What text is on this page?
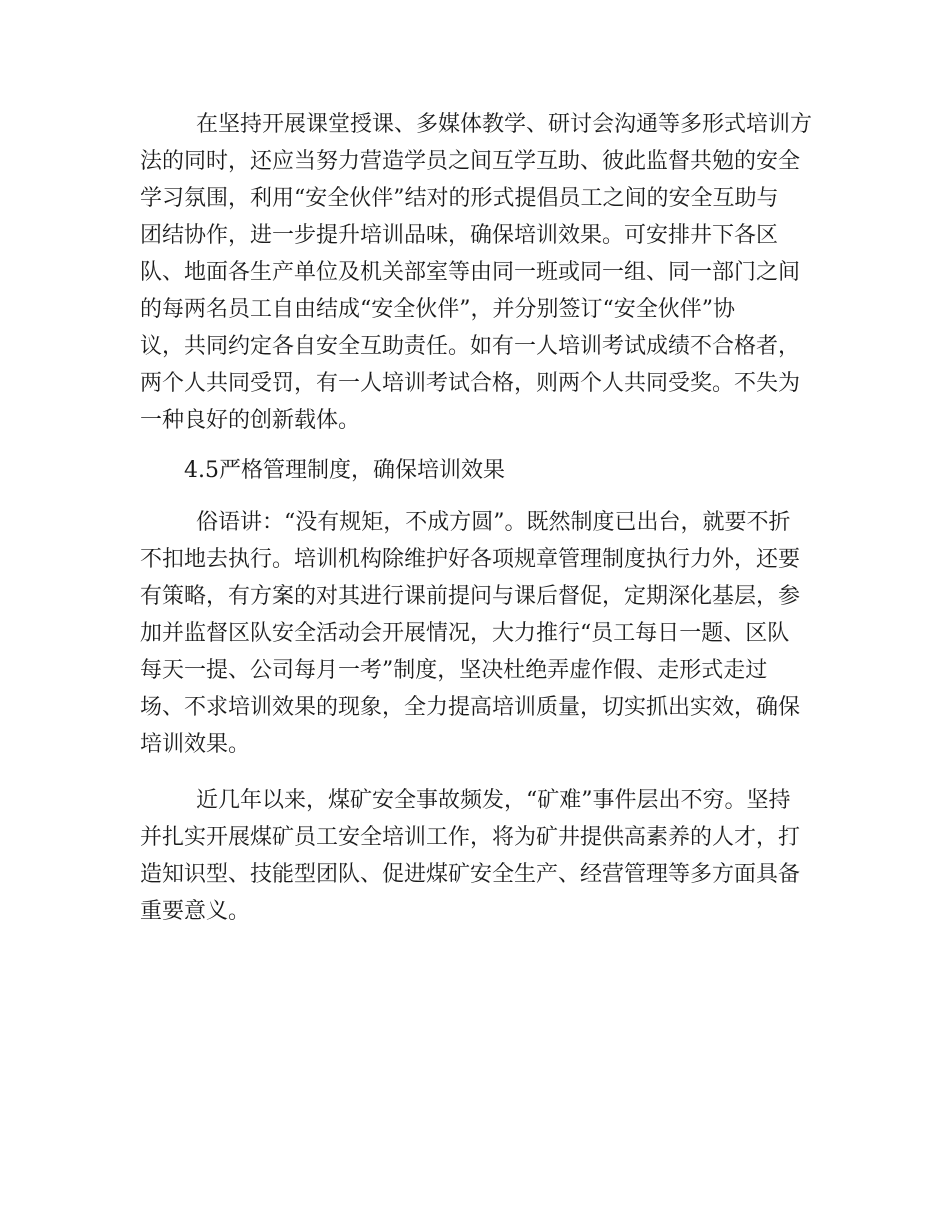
在坚持开展课堂授课、多媒体教学、研讨会沟通等多形式培训方
法的同时，还应当努力营造学员之间互学互助、彼此监督共勉的安全
学习氛围，利用“安全伙伴”结对的形式提倡员工之间的安全互助与
团结协作，进一步提升培训品味，确保培训效果。可安排井下各区
队、地面各生产单位及机关部室等由同一班或同一组、同一部门之间
的每两名员工自由结成“安全伙伴”，并分别签订“安全伙伴”协
议，共同约定各自安全互助责任。如有一人培训考试成绩不合格者，
两个人共同受罚，有一人培训考试合格，则两个人共同受奖。不失为
一种良好的创新载体。
4.5严格管理制度，确保培训效果
俗语讲：“没有规矩，不成方圆”。既然制度已出台，就要不折
不扣地去执行。培训机构除维护好各项规章管理制度执行力外，还要
有策略，有方案的对其进行课前提问与课后督促，定期深化基层，参
加并监督区队安全活动会开展情况，大力推行“员工每日一题、区队
每天一提、公司每月一考”制度，坚决杜绝弄虚作假、走形式走过
场、不求培训效果的现象，全力提高培训质量，切实抓出实效，确保
培训效果。
近几年以来，煤矿安全事故频发，“矿难”事件层出不穷。坚持
并扎实开展煤矿员工安全培训工作，将为矿井提供高素养的人才，打
造知识型、技能型团队、促进煤矿安全生产、经营管理等多方面具备
重要意义。
